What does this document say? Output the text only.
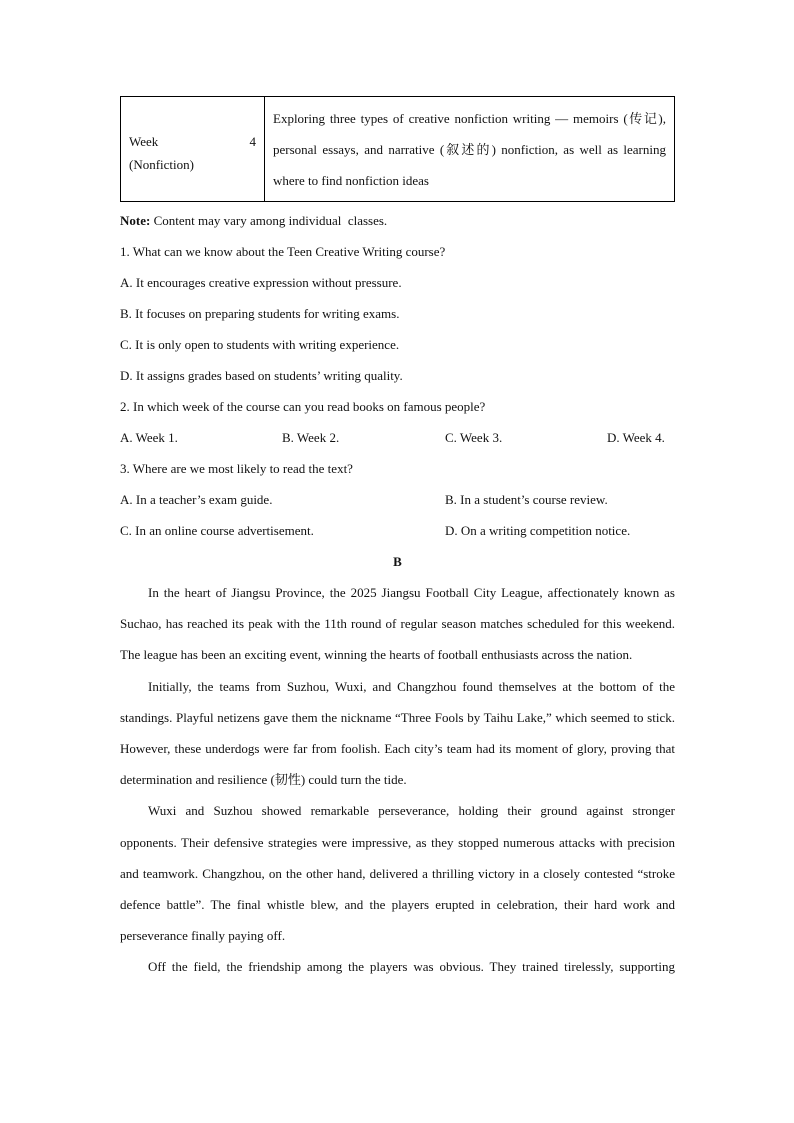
Week	4
(Nonfiction)
	Exploring three types of creative nonfiction writing — memoirs (传记), personal essays, and narrative (叙述的) nonfiction, as well as learning where to find nonfiction ideas
Note: Content may vary among individual  classes.
1. What can we know about the Teen Creative Writing course?
A. It encourages creative expression without pressure.
B. It focuses on preparing students for writing exams.
C. It is only open to students with writing experience.
D. It assigns grades based on students’ writing quality.
2. In which week of the course can you read books on famous people?
A. Week 1.	B. Week 2.	C. Week 3.	D. Week 4.
3. Where are we most likely to read the text?
A. In a teacher’s exam guide.	B. In a student’s course review.
C. In an online course advertisement.	D. On a writing competition notice.
B

In the heart of Jiangsu Province, the 2025 Jiangsu Football City League, affectionately known as Suchao, has reached its peak with the 11th round of regular season matches scheduled for this weekend. The league has been an exciting event, winning the hearts of football enthusiasts across the nation.

Initially, the teams from Suzhou, Wuxi, and Changzhou found themselves at the bottom of the standings. Playful netizens gave them the nickname “Three Fools by Taihu Lake,” which seemed to stick. However, these underdogs were far from foolish. Each city’s team had its moment of glory, proving that determination and resilience (韧性) could turn the tide.

Wuxi and Suzhou showed remarkable perseverance, holding their ground against stronger opponents. Their defensive strategies were impressive, as they stopped numerous attacks with precision and teamwork. Changzhou, on the other hand, delivered a thrilling victory in a closely contested “stroke defence battle”. The final whistle blew, and the players erupted in celebration, their hard work and perseverance finally paying off.

Off the field, the friendship among the players was obvious. They trained tirelessly, supporting
